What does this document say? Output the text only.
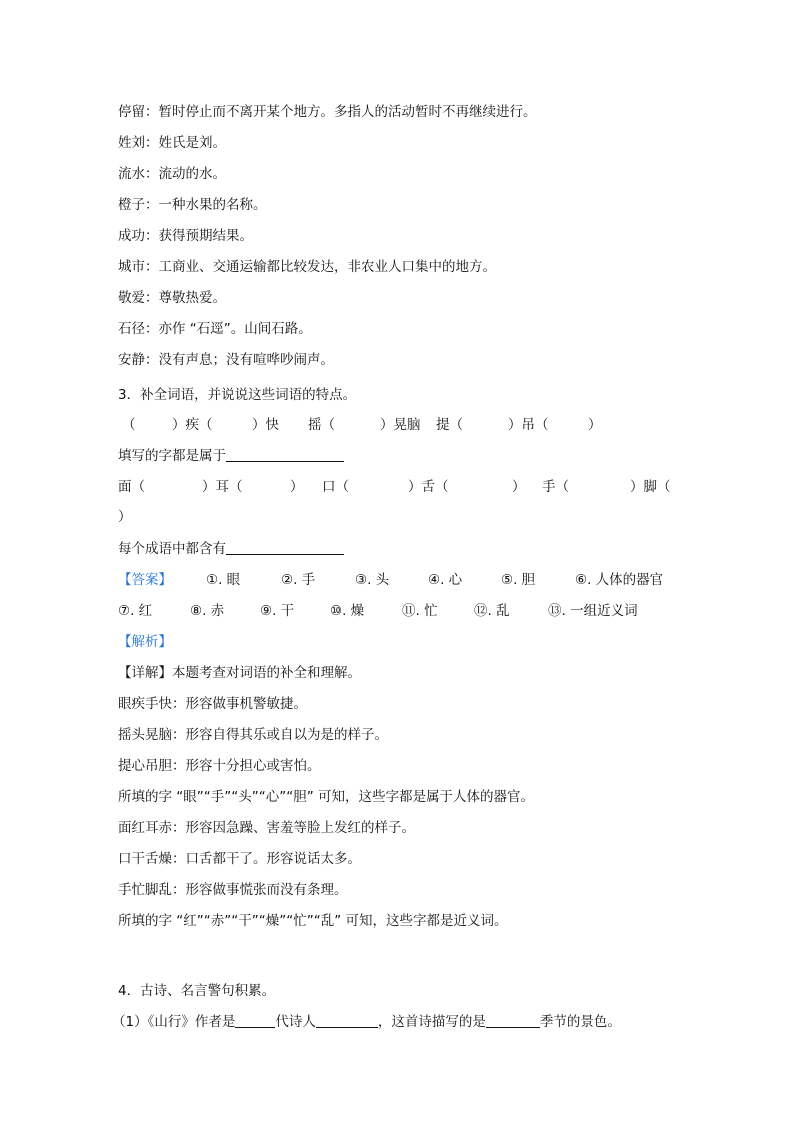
停留：暂时停止而不离开某个地方。多指人的活动暂时不再继续进行。
姓刘：姓氏是刘。
流水：流动的水。
橙子：一种水果的名称。
成功：获得预期结果。
城市：工商业、交通运输都比较发达，非农业人口集中的地方。
敬爱：尊敬热爱。
石径：亦作 “石逕”。山间石路。
安静：没有声息；没有喧哗吵闹声。
3．补全词语，并说说这些词语的特点。
（	）疾（	）快 摇（	）晃脑 提（	）吊（	）
填写的字都是属于
面（	）耳（	） 口（	）舌（	） 手（	）脚（
）
每个成语中都含有
【答案】	①. 眼	②. 手	③. 头	④. 心	⑤. 胆	⑥. 人体的器官
⑦. 红	⑧. 赤	⑨. 干	⑩. 燥	⑪. 忙	⑫. 乱	⑬. 一组近义词
【解析】
【详解】本题考查对词语的补全和理解。
眼疾手快：形容做事机警敏捷。
摇头晃脑：形容自得其乐或自以为是的样子。
提心吊胆：形容十分担心或害怕。
所填的字 “眼”“手”“头”“心”“胆” 可知，这些字都是属于人体的器官。
面红耳赤：形容因急躁、害羞等脸上发红的样子。
口干舌燥：口舌都干了。形容说话太多。
手忙脚乱：形容做事慌张而没有条理。
所填的字 “红”“赤”“干”“燥”“忙”“乱” 可知，这些字都是近义词。
4．古诗、名言警句积累。
（1）《山行》作者是	代诗人	，这首诗描写的是	季节的景色。
